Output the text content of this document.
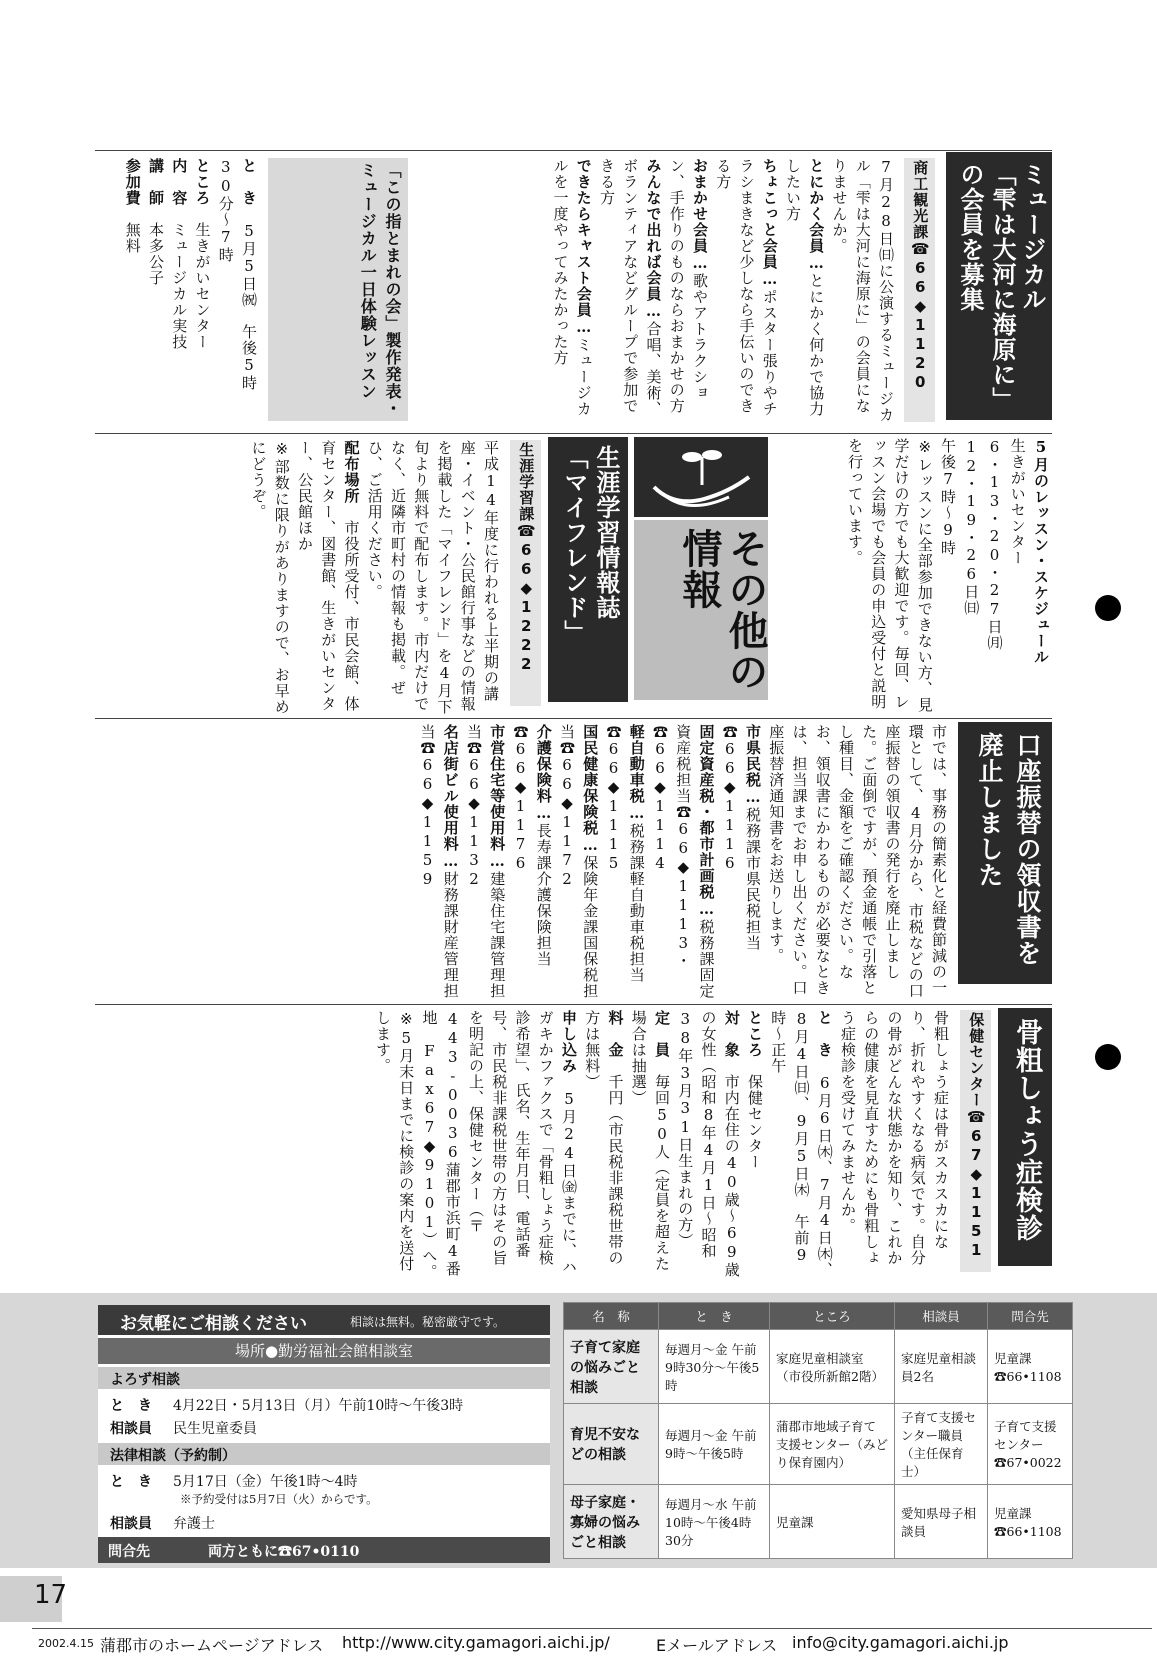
ミュージカル
「雫は大河に海原に」
の会員を募集
商工観光課☎66◆1120
7月28日㈰に公演するミュージカル「雫は大河に海原に」の会員になりませんか。
とにかく会員…とにかく何かで協力したい方
ちょこっと会員…ポスター張りやチラシまきなど少しなら手伝いのできる方
おまかせ会員…歌やアトラクション、手作りのものならおまかせの方
みんなで出れば会員…合唱、美術、ボランティアなどグループで参加できる方
できたらキャスト会員…ミュージカルを一度やってみたかった方
「この指とまれの会」製作発表・ミュージカル一日体験レッスン
と　き　5月5日㈷　午後5時30分～7時
ところ　生きがいセンター
内　容　ミュージカル実技
講　師　本多公子
参加費　無料
5月のレッスン・スケジュール
生きがいセンター
6・13・20・27日㈪
12・19・26日㈰
午後7時～9時
※レッスンに全部参加できない方、見学だけの方でも大歓迎です。毎回、レッスン会場でも会員の申込受付と説明を行っています。
その他の情報
生涯学習情報誌
「マイフレンド」
生涯学習課☎66◆1222
平成14年度に行われる上半期の講座・イベント・公民館行事などの情報を掲載した「マイフレンド」を4月下旬より無料で配布します。市内だけでなく、近隣市町村の情報も掲載。ぜひ、ご活用ください。
配布場所　市役所受付、市民会館、体育センター、図書館、生きがいセンター、公民館ほか
※部数に限りがありますので、お早めにどうぞ。
口座振替の領収書を
廃止しました
市では、事務の簡素化と経費節減の一環として、4月分から、市税などの口座振替の領収書の発行を廃止しました。ご面倒ですが、預金通帳で引落とし種目、金額をご確認ください。なお、領収書にかわるものが必要なときは、担当課までお申し出ください。口座振替済通知書をお送りします。
市県民税…税務課市県民税担当☎66◆1116
固定資産税・都市計画税…税務課固定資産税担当☎66◆1113・☎66◆1114
軽自動車税…税務課軽自動車税担当☎66◆1115
国民健康保険税…保険年金課国保税担当☎66◆1172
介護保険料…長寿課介護保険担当☎66◆1176
市営住宅等使用料…建築住宅課管理担当☎66◆1132
名店街ビル使用料…財務課財産管理担当☎66◆1159
骨粗しょう症検診
保健センター☎67◆1151
骨粗しょう症は骨がスカスカになり、折れやすくなる病気です。自分の骨がどんな状態かを知り、これからの健康を見直すためにも骨粗しょう症検診を受けてみませんか。
と　き　6月6日㈭、7月4日㈭、8月4日㈰、9月5日㈭　午前9時～正午
ところ　保健センター
対　象　市内在住の40歳～69歳の女性（昭和8年4月1日～昭和38年3月31日生まれの方）
定　員　毎回50人（定員を超えた場合は抽選）
料　金　千円（市民税非課税世帯の方は無料）
申し込み　5月24日㈮までに、ハガキかファクスで「骨粗しょう症検診希望」、氏名、生年月日、電話番号、市民税非課税世帯の方はその旨を明記の上、保健センター（〒443-0036蒲郡市浜町4番地　Fax67◆9101）へ。
※5月末日までに検診の案内を送付します。
お気軽にご相談ください	相談は無料。秘密厳守です。
場所●勤労福祉会館相談室
よろず相談
と　き 4月22日・5月13日（月）午前10時～午後3時
相談員 民生児童委員
法律相談（予約制）
と　き 5月17日（金）午後1時～4時
※予約受付は5月7日（火）からです。
相談員 弁護士
問合先	両方ともに☎67•0110
名　称	と　き	ところ	相談員	問合先
子育て家庭の悩みごと相談	毎週月～金 午前9時30分～午後5時	家庭児童相談室（市役所新館2階）	家庭児童相談員2名	児童課 ☎66•1108
育児不安などの相談	毎週月～金 午前9時～午後5時	蒲郡市地域子育て支援センター（みどり保育園内）	子育て支援センター職員（主任保育士）	子育て支援センター ☎67•0022
母子家庭・寡婦の悩みごと相談	毎週月～水 午前10時～午後4時30分	児童課	愛知県母子相談員	児童課 ☎66•1108
17
2002.4.15 蒲郡市のホームページアドレス http://www.city.gamagori.aichi.jp/	Eメールアドレス info@city.gamagori.aichi.jp
